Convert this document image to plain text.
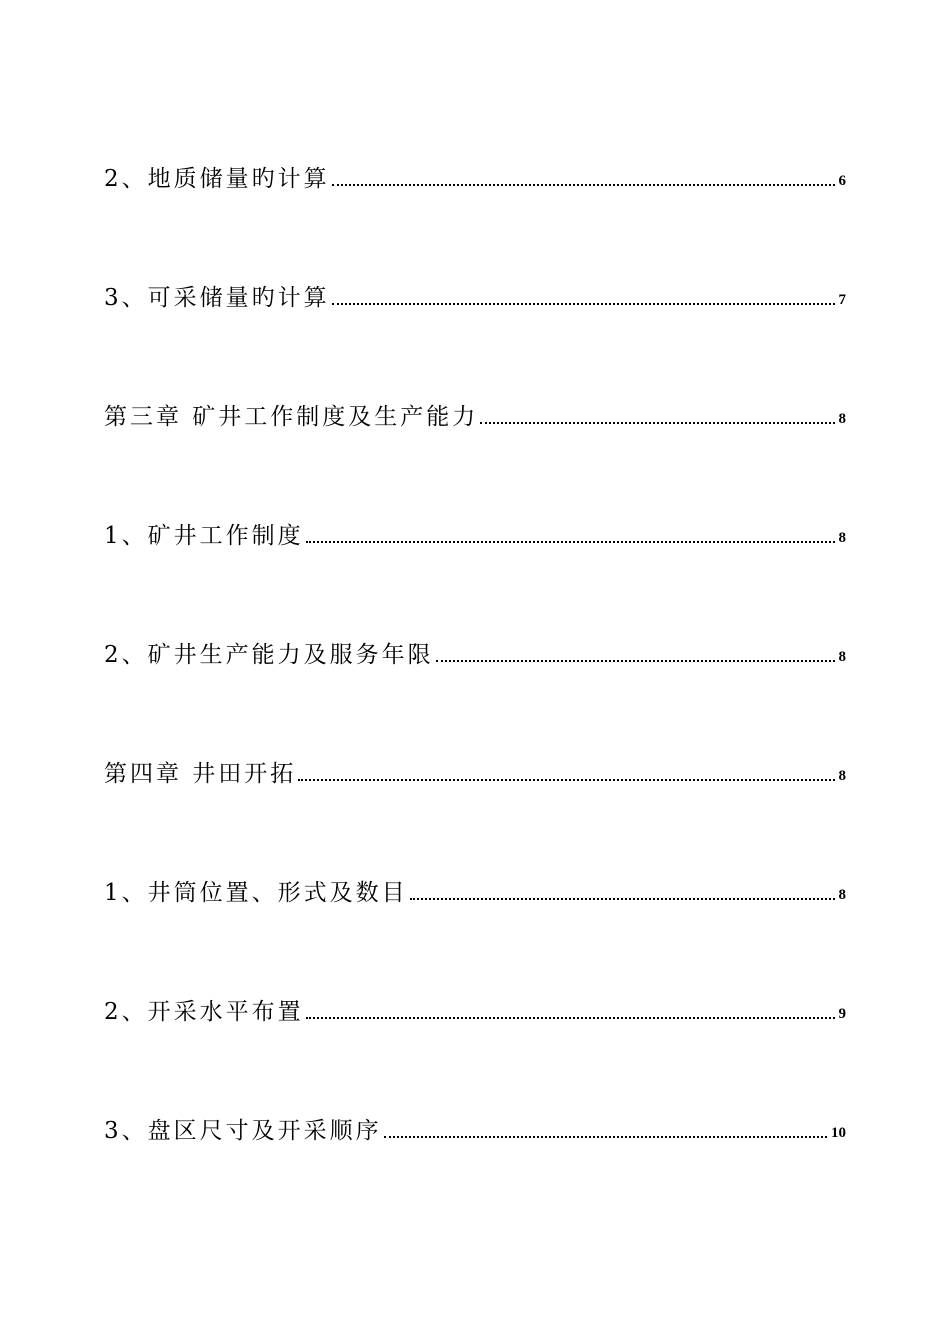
2、地质储量旳计算	6
3、可采储量旳计算	7
第三章 矿井工作制度及生产能力	8
1、矿井工作制度	8
2、矿井生产能力及服务年限	8
第四章 井田开拓	8
1、井筒位置、形式及数目	8
2、开采水平布置	9
3、盘区尺寸及开采顺序	10
